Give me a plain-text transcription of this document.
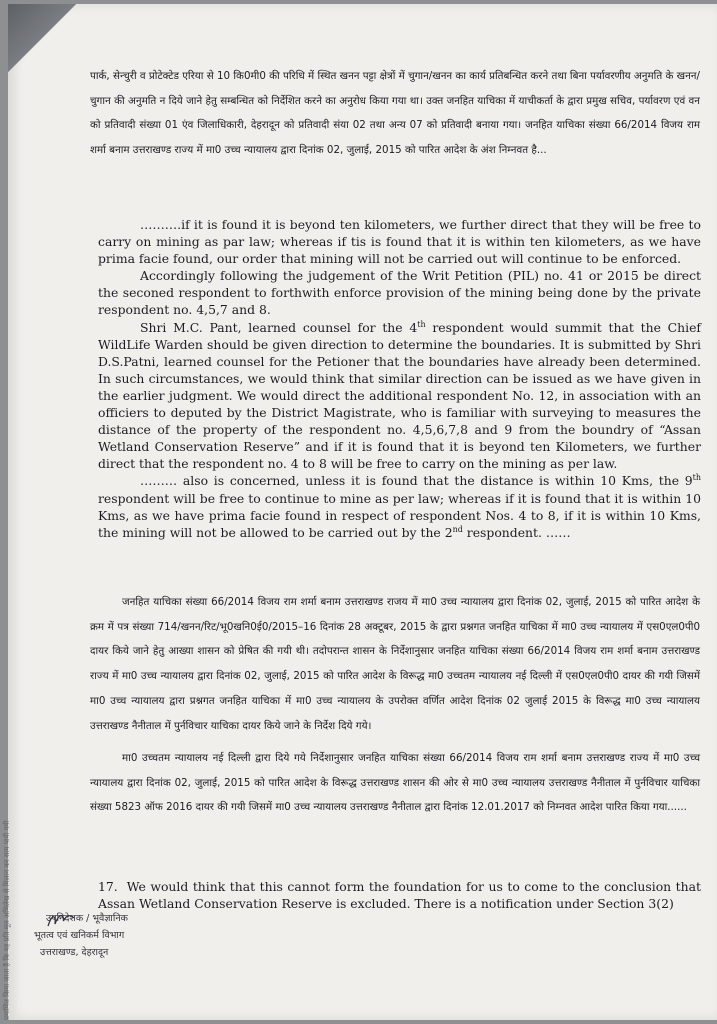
प्रमाणित किया जाता है कि यह प्रति मूल अभिलेख से मिलान कर सत्य पायी गयी

पार्क, सेन्चुरी व प्रोटेक्टेड एरिया से 10 कि0मी0 की परिधि में स्थित खनन पट्टा क्षेत्रों में चुगान/खनन का कार्य प्रतिबन्धित करने तथा बिना पर्यावरणीय अनुमति के खनन/चुगान की अनुमति न दिये जाने हेतु सम्बन्धित को निर्देशित करने का अनुरोध किया गया था। उक्त जनहित याचिका में याचीकर्ता के द्वारा प्रमुख सचिव, पर्यावरण एवं वन को प्रतिवादी संख्या 01 एंव जिलाधिकारी, देहरादून को प्रतिवादी संया 02 तथा अन्य 07 को प्रतिवादी बनाया गया। जनहित याचिका संख्या 66/2014 विजय राम शर्मा बनाम उत्तराखण्ड राज्य में मा0 उच्च न्यायालय द्वारा दिनांक 02, जुलाई, 2015 को पारित आदेश के अंश निम्नवत है...

……….if it is found it is beyond ten kilometers, we further direct that they will be free to carry on mining as par law; whereas if tis is found that it is within ten kilometers, as we have prima facie found, our order that mining will not be carried out will continue to be enforced.

Accordingly following the judgement of the Writ Petition (PIL) no. 41 or 2015 be direct the seconed respondent to forthwith enforce provision of the mining being done by the private respondent no. 4,5,7 and 8.

Shri M.C. Pant, learned counsel for the 4th respondent would summit that the Chief WildLife Warden should be given direction to determine the boundaries. It is submitted by Shri D.S.Patni, learned counsel for the Petioner that the boundaries have already been determined. In such circumstances, we would think that similar direction can be issued as we have given in the earlier judgment. We would direct the additional respondent No. 12, in association with an officiers to deputed by the District Magistrate, who is familiar with surveying to measures the distance of the property of the respondent no. 4,5,6,7,8 and 9 from the boundry of “Assan Wetland Conservation Reserve” and if it is found that it is beyond ten Kilometers, we further direct that the respondent no. 4 to 8 will be free to carry on the mining as per law.

……… also is concerned, unless it is found that the distance is within 10 Kms, the 9th respondent will be free to continue to mine as per law; whereas if it is found that it is within 10 Kms, as we have prima facie found in respect of respondent Nos. 4 to 8, if it is within 10 Kms, the mining will not be allowed to be carried out by the 2nd respondent. ……

जनहित याचिका संख्या 66/2014 विजय राम शर्मा बनाम उत्तराखण्ड राजय में मा0 उच्च न्यायालय द्वारा दिनांक 02, जुलाई, 2015 को पारित आदेश के क्रम में पत्र संख्या 714/खनन/रिट/भू0खनि0ई0/2015–16 दिनांक 28 अक्टूबर, 2015 के द्वारा प्रश्नगत जनहित याचिका में मा0 उच्च न्यायालय में एस0एल0पी0 दायर किये जाने हेतु आख्या शासन को प्रेषित की गयी थी। तदोपरान्त शासन के निर्देशानुसार जनहित याचिका संख्या 66/2014 विजय राम शर्मा बनाम उत्तराखण्ड राज्य में मा0 उच्च न्यायालय द्वारा दिनांक 02, जुलाई, 2015 को पारित आदेश के विरूद्ध मा0 उच्चतम न्यायालय नई दिल्ली में एस0एल0पी0 दायर की गयी जिसमें मा0 उच्च न्यायालय द्वारा प्रश्नगत जनहित याचिका में मा0 उच्च न्यायालय के उपरोक्त वर्णित आदेश दिनांक 02 जुलाई 2015 के विरूद्ध मा0 उच्च न्यायालय उत्तराखण्ड नैनीताल में पुर्नविचार याचिका दायर किये जाने के निर्देश दिये गये।

मा0 उच्चतम न्यायालय नई दिल्ली द्वारा दिये गये निर्देशानुसार जनहित याचिका संख्या 66/2014 विजय राम शर्मा बनाम उत्तराखण्ड राज्य में मा0 उच्च न्यायालय द्वारा दिनांक 02, जुलाई, 2015 को पारित आदेश के विरूद्ध उत्तराखण्ड शासन की ओर से मा0 उच्च न्यायालय उत्तराखण्ड नैनीताल में पुर्नविचार याचिका संख्या 5823 ऑफ 2016 दायर की गयी जिसमें मा0 उच्च न्यायालय उत्तराखण्ड नैनीताल द्वारा दिनांक 12.01.2017 को निम्नवत आदेश पारित किया गया......

17. We would think that this cannot form the foundation for us to come to the conclusion that Assan Wetland Conservation Reserve is excluded. There is a notification under Section 3(2)

उपनिदेशक / भूवैज्ञानिक
भूतत्व एवं खनिकर्म विभाग
उत्तराखण्ड, देहरादून
